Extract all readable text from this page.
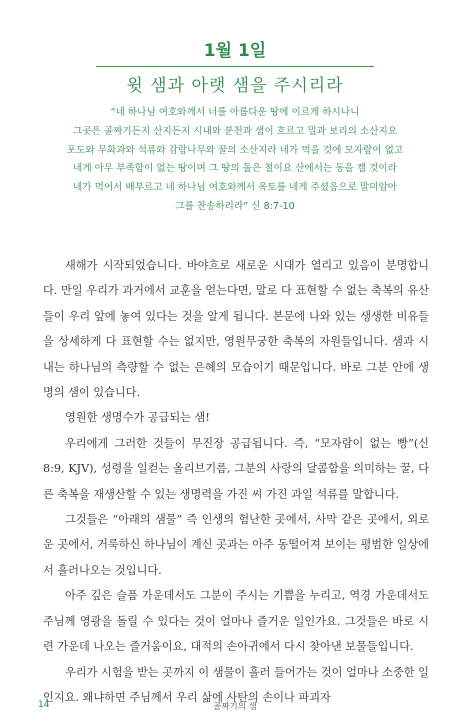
1월 1일
윗 샘과 아랫 샘을 주시리라
“네 하나님 여호와께서 너를 아름다운 땅에 이르게 하시나니
그곳은 골짜기든지 산지든지 시내와 분천과 샘이 흐르고 밀과 보리의 소산지요
포도와 무화과와 석류와 감람나무와 꿀의 소산지라 네가 먹을 것에 모자람이 없고
네게 아무 부족함이 없는 땅이며 그 땅의 돌은 철이요 산에서는 동을 캘 것이라
네가 먹어서 배부르고 네 하나님 여호와께서 옥토를 네게 주셨음으로 말미암아
그를 찬송하리라” 신 8:7-10

새해가 시작되었습니다. 바야흐로 새로운 시대가 열리고 있음이 분명합니다. 만일 우리가 과거에서 교훈을 얻는다면, 말로 다 표현할 수 없는 축복의 유산들이 우리 앞에 놓여 있다는 것을 알게 됩니다. 본문에 나와 있는 생생한 비유들을 상세하게 다 표현할 수는 없지만, 영원무궁한 축복의 자원들입니다. 샘과 시내는 하나님의 측량할 수 없는 은혜의 모습이기 때문입니다. 바로 그분 안에 생명의 샘이 있습니다.

영원한 생명수가 공급되는 샘!

우리에게 그러한 것들이 무진장 공급됩니다. 즉, “모자람이 없는 빵”(신 8:9, KJV), 성령을 일컫는 올리브기름, 그분의 사랑의 달콤함을 의미하는 꿀, 다른 축복을 재생산할 수 있는 생명력을 가진 씨 가진 과일 석류를 말합니다.

그것들은 “아래의 샘물” 즉 인생의 험난한 곳에서, 사막 같은 곳에서, 외로운 곳에서, 거룩하신 하나님이 계신 곳과는 아주 동떨어져 보이는 평범한 일상에서 흘러나오는 것입니다.

아주 깊은 슬픔 가운데서도 그분이 주시는 기쁨을 누리고, 역경 가운데서도 주님께 영광을 돌릴 수 있다는 것이 얼마나 즐거운 일인가요. 그것들은 바로 시련 가운데 나오는 즐거움이요, 대적의 손아귀에서 다시 찾아낸 보물들입니다.

우리가 시험을 받는 곳까지 이 샘물이 흘러 들어가는 것이 얼마나 소중한 일인지요. 왜냐하면 주님께서 우리 삶에 사탄의 손이나 파괴자

14	골짜기의 샘
